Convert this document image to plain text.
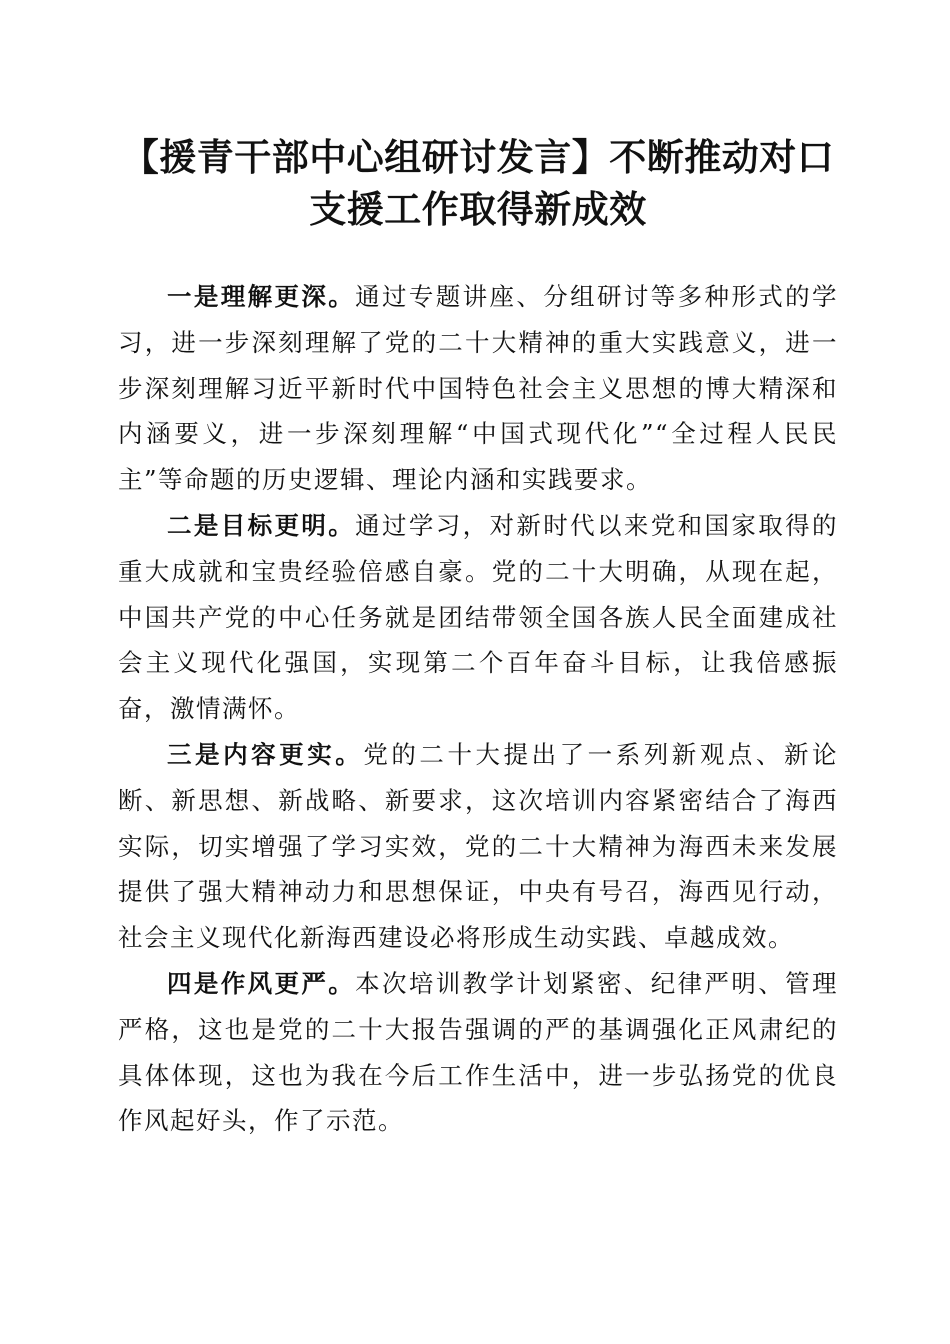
【援青干部中心组研讨发言】不断推动对口支援工作取得新成效

一是理解更深。通过专题讲座、分组研讨等多种形式的学习，进一步深刻理解了党的二十大精神的重大实践意义，进一步深刻理解习近平新时代中国特色社会主义思想的博大精深和内涵要义，进一步深刻理解“中国式现代化”“全过程人民民主”等命题的历史逻辑、理论内涵和实践要求。

二是目标更明。通过学习，对新时代以来党和国家取得的重大成就和宝贵经验倍感自豪。党的二十大明确，从现在起，中国共产党的中心任务就是团结带领全国各族人民全面建成社会主义现代化强国，实现第二个百年奋斗目标，让我倍感振奋，激情满怀。

三是内容更实。党的二十大提出了一系列新观点、新论断、新思想、新战略、新要求，这次培训内容紧密结合了海西实际，切实增强了学习实效，党的二十大精神为海西未来发展提供了强大精神动力和思想保证，中央有号召，海西见行动，社会主义现代化新海西建设必将形成生动实践、卓越成效。

四是作风更严。本次培训教学计划紧密、纪律严明、管理严格，这也是党的二十大报告强调的严的基调强化正风肃纪的具体体现，这也为我在今后工作生活中，进一步弘扬党的优良作风起好头，作了示范。
